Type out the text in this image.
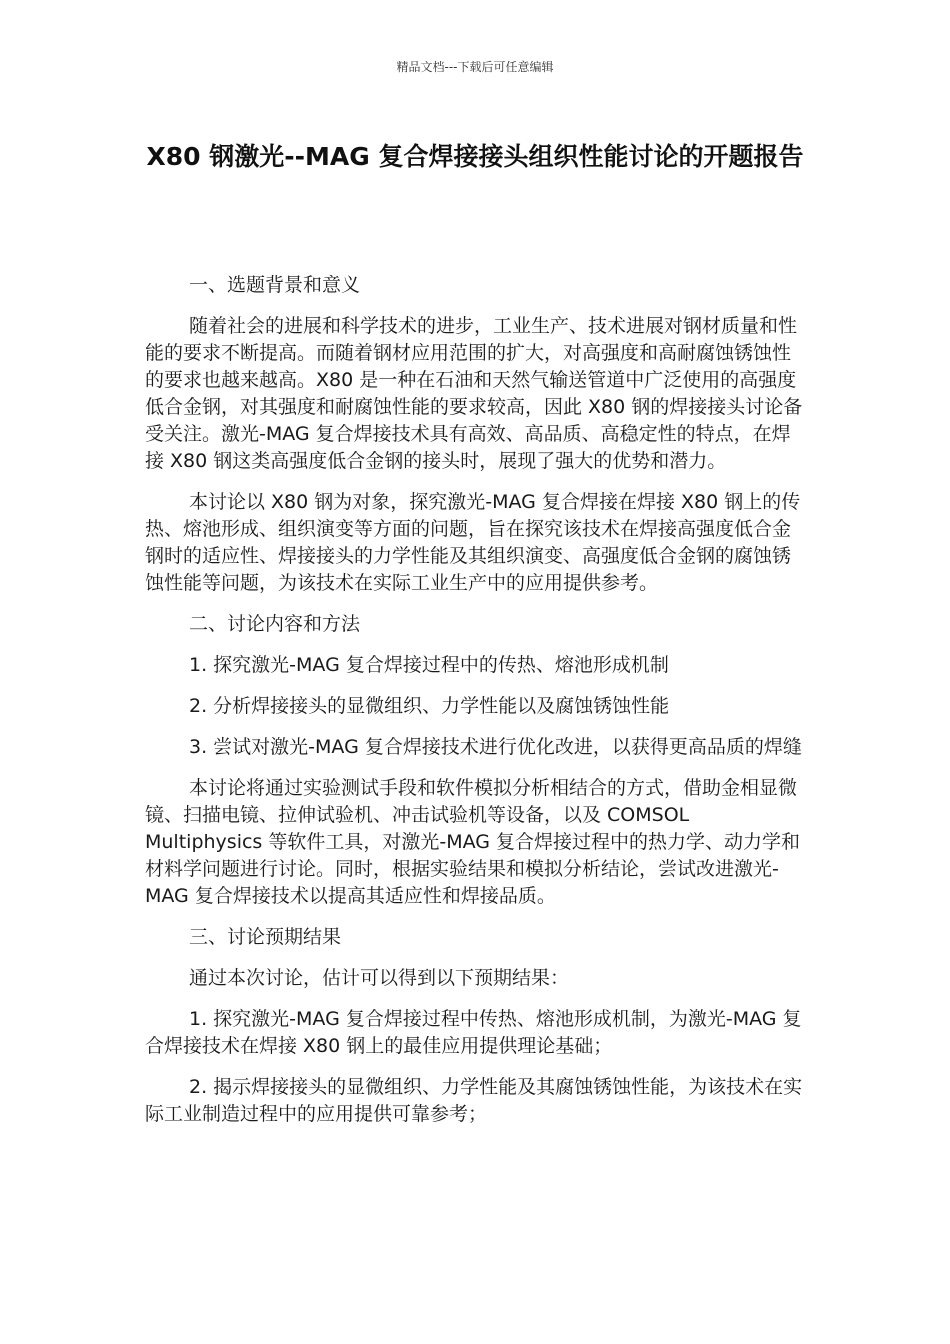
精品文档---下载后可任意编辑
X80 钢激光--MAG 复合焊接接头组织性能讨论的开题报告

一、选题背景和意义

随着社会的进展和科学技术的进步，工业生产、技术进展对钢材质量和性能的要求不断提高。而随着钢材应用范围的扩大，对高强度和高耐腐蚀锈蚀性的要求也越来越高。X80 是一种在石油和天然气输送管道中广泛使用的高强度低合金钢，对其强度和耐腐蚀性能的要求较高，因此 X80 钢的焊接接头讨论备受关注。激光-MAG 复合焊接技术具有高效、高品质、高稳定性的特点，在焊接 X80 钢这类高强度低合金钢的接头时，展现了强大的优势和潜力。

本讨论以 X80 钢为对象，探究激光-MAG 复合焊接在焊接 X80 钢上的传热、熔池形成、组织演变等方面的问题，旨在探究该技术在焊接高强度低合金钢时的适应性、焊接接头的力学性能及其组织演变、高强度低合金钢的腐蚀锈蚀性能等问题，为该技术在实际工业生产中的应用提供参考。

二、讨论内容和方法

1. 探究激光-MAG 复合焊接过程中的传热、熔池形成机制

2. 分析焊接接头的显微组织、力学性能以及腐蚀锈蚀性能

3. 尝试对激光-MAG 复合焊接技术进行优化改进，以获得更高品质的焊缝

本讨论将通过实验测试手段和软件模拟分析相结合的方式，借助金相显微镜、扫描电镜、拉伸试验机、冲击试验机等设备，以及 COMSOL Multiphysics 等软件工具，对激光-MAG 复合焊接过程中的热力学、动力学和材料学问题进行讨论。同时，根据实验结果和模拟分析结论，尝试改进激光-MAG 复合焊接技术以提高其适应性和焊接品质。

三、讨论预期结果

通过本次讨论，估计可以得到以下预期结果：

1. 探究激光-MAG 复合焊接过程中传热、熔池形成机制，为激光-MAG 复合焊接技术在焊接 X80 钢上的最佳应用提供理论基础；

2. 揭示焊接接头的显微组织、力学性能及其腐蚀锈蚀性能，为该技术在实际工业制造过程中的应用提供可靠参考；
